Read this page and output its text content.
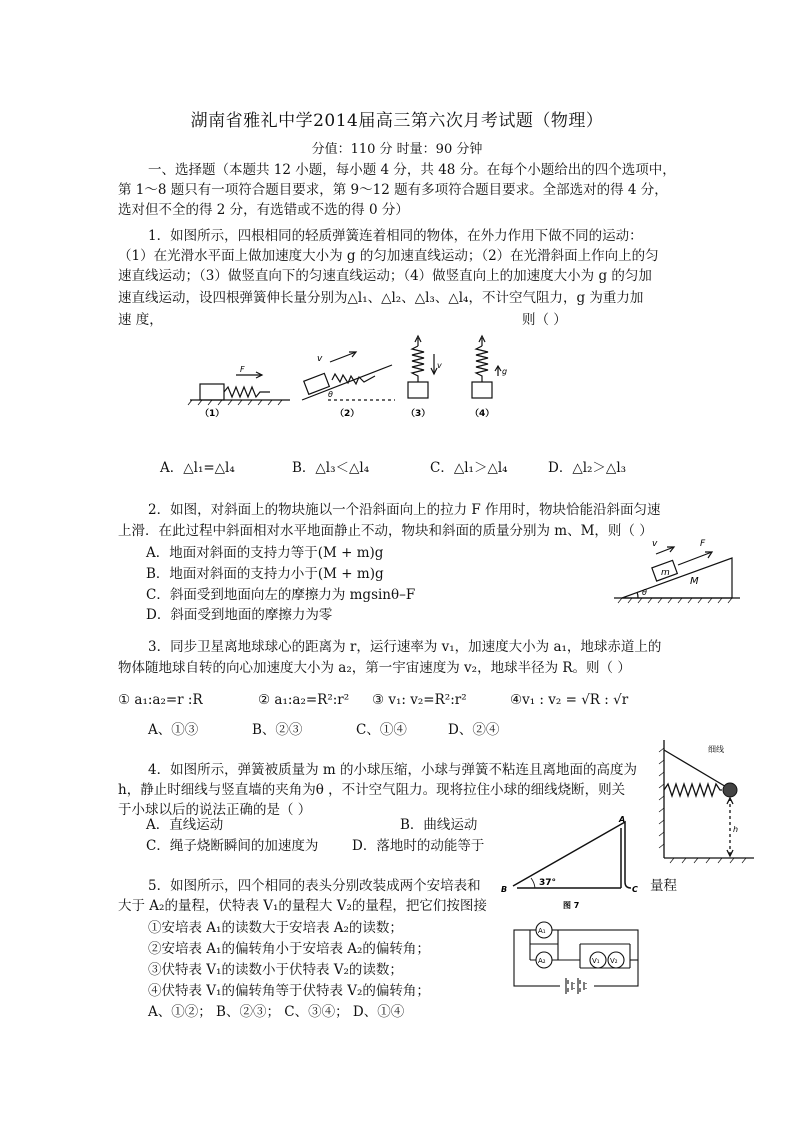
湖南省雅礼中学2014届高三第六次月考试题（物理）
分值：110 分 时量：90 分钟
一、选择题（本题共 12 小题，每小题 4 分，共 48 分。在每个小题给出的四个选项中，
第 1～8 题只有一项符合题目要求，第 9～12 题有多项符合题目要求。全部选对的得 4 分，
选对但不全的得 2 分，有选错或不选的得 0 分）
1．如图所示，四根相同的轻质弹簧连着相同的物体，在外力作用下做不同的运动：
（1）在光滑水平面上做加速度大小为 g 的匀加速直线运动；（2）在光滑斜面上作向上的匀
速直线运动；（3）做竖直向下的匀速直线运动；（4）做竖直向上的加速度大小为 g 的匀加
速直线运动，设四根弹簧伸长量分别为△l₁、△l₂、△l₃、△l₄，不计空气阻力，g 为重力加
速 度，	则（ ）
F
v
θ
v
g
（1）	（2）	（3）	（4）
A．△l₁=△l₄	B．△l₃＜△l₄	C．△l₁＞△l₄	D．△l₂＞△l₃
2．如图，对斜面上的物块施以一个沿斜面向上的拉力 F 作用时，物块恰能沿斜面匀速
上滑．在此过程中斜面相对水平地面静止不动，物块和斜面的质量分别为 m、M，则（ ）
A．地面对斜面的支持力等于(M + m)g
B．地面对斜面的支持力小于(M + m)g
C．斜面受到地面向左的摩擦力为 mgsinθ–F
D．斜面受到地面的摩擦力为零
v	F
m
M
θ
3．同步卫星离地球球心的距离为 r，运行速率为 v₁，加速度大小为 a₁，地球赤道上的
物体随地球自转的向心加速度大小为 a₂，第一宇宙速度为 v₂，地球半径为 R。则（ ）
① a₁:a₂=r :R	② a₁:a₂=R²:r² ③ v₁: v₂=R²:r²	④v₁ : v₂ = √R : √r
A、①③	B、②③	C、①④	D、②④
细线
h
4．如图所示，弹簧被质量为 m 的小球压缩，小球与弹簧不粘连且离地面的高度为
h，静止时细线与竖直墙的夹角为θ ，不计空气阻力。现将拉住小球的细线烧断，则关
于小球以后的说法正确的是（ ）
A．直线运动	B．曲线运动
C．绳子烧断瞬间的加速度为 D．落地时的动能等于
A
B	C
37°
图 7
5．如图所示，四个相同的表头分别改装成两个安培表和	量程
大于 A₂的量程，伏特表 V₁的量程大 V₂的量程，把它们按图接
①安培表 A₁的读数大于安培表 A₂的读数；
②安培表 A₁的偏转角小于安培表 A₂的偏转角；
③伏特表 V₁的读数小于伏特表 V₂的读数；
④伏特表 V₁的偏转角等于伏特表 V₂的偏转角；
A、①②； B、②③； C、③④； D、①④
A₁
A₂	V₁ V₂
